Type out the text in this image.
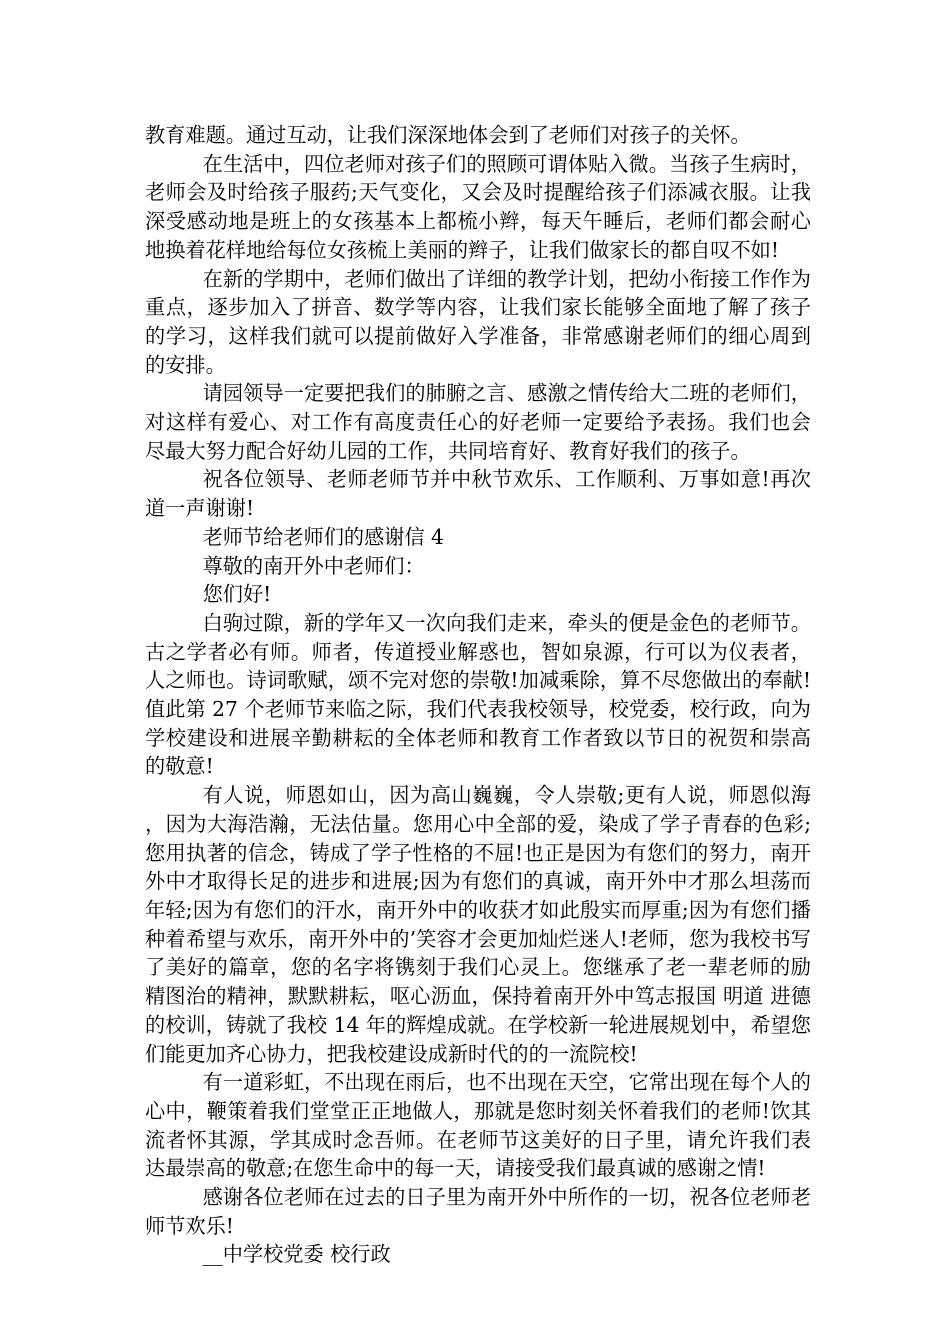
教育难题。通过互动，让我们深深地体会到了老师们对孩子的关怀。

在生活中，四位老师对孩子们的照顾可谓体贴入微。当孩子生病时，老师会及时给孩子服药;天气变化，又会及时提醒给孩子们添减衣服。让我深受感动地是班上的女孩基本上都梳小辫，每天午睡后，老师们都会耐心地换着花样地给每位女孩梳上美丽的辫子，让我们做家长的都自叹不如!

在新的学期中，老师们做出了详细的教学计划，把幼小衔接工作作为重点，逐步加入了拼音、数学等内容，让我们家长能够全面地了解了孩子的学习，这样我们就可以提前做好入学准备，非常感谢老师们的细心周到的安排。

请园领导一定要把我们的肺腑之言、感激之情传给大二班的老师们，对这样有爱心、对工作有高度责任心的好老师一定要给予表扬。我们也会尽最大努力配合好幼儿园的工作，共同培育好、教育好我们的孩子。

祝各位领导、老师老师节并中秋节欢乐、工作顺利、万事如意!再次道一声谢谢!

老师节给老师们的感谢信 4

尊敬的南开外中老师们：

您们好!

白驹过隙，新的学年又一次向我们走来，牵头的便是金色的老师节。古之学者必有师。师者，传道授业解惑也，智如泉源，行可以为仪表者，人之师也。诗词歌赋，颂不完对您的崇敬!加减乘除，算不尽您做出的奉献!值此第 27 个老师节来临之际，我们代表我校领导，校党委，校行政，向为学校建设和进展辛勤耕耘的全体老师和教育工作者致以节日的祝贺和崇高的敬意!

有人说，师恩如山，因为高山巍巍，令人崇敬;更有人说，师恩似海，因为大海浩瀚，无法估量。您用心中全部的爱，染成了学子青春的色彩;您用执著的信念，铸成了学子性格的不屈!也正是因为有您们的努力，南开外中才取得长足的进步和进展;因为有您们的真诚，南开外中才那么坦荡而年轻;因为有您们的汗水，南开外中的收获才如此殷实而厚重;因为有您们播种着希望与欢乐，南开外中的’笑容才会更加灿烂迷人!老师，您为我校书写了美好的篇章，您的名字将镌刻于我们心灵上。您继承了老一辈老师的励精图治的精神，默默耕耘，呕心沥血，保持着南开外中笃志报国 明道 进德 的校训，铸就了我校 14 年的辉煌成就。在学校新一轮进展规划中，希望您们能更加齐心协力，把我校建设成新时代的的一流院校!

有一道彩虹，不出现在雨后，也不出现在天空，它常出现在每个人的心中，鞭策着我们堂堂正正地做人，那就是您时刻关怀着我们的老师!饮其流者怀其源，学其成时念吾师。在老师节这美好的日子里，请允许我们表达最崇高的敬意;在您生命中的每一天，请接受我们最真诚的感谢之情!

感谢各位老师在过去的日子里为南开外中所作的一切，祝各位老师老师节欢乐!

__中学校党委 校行政
